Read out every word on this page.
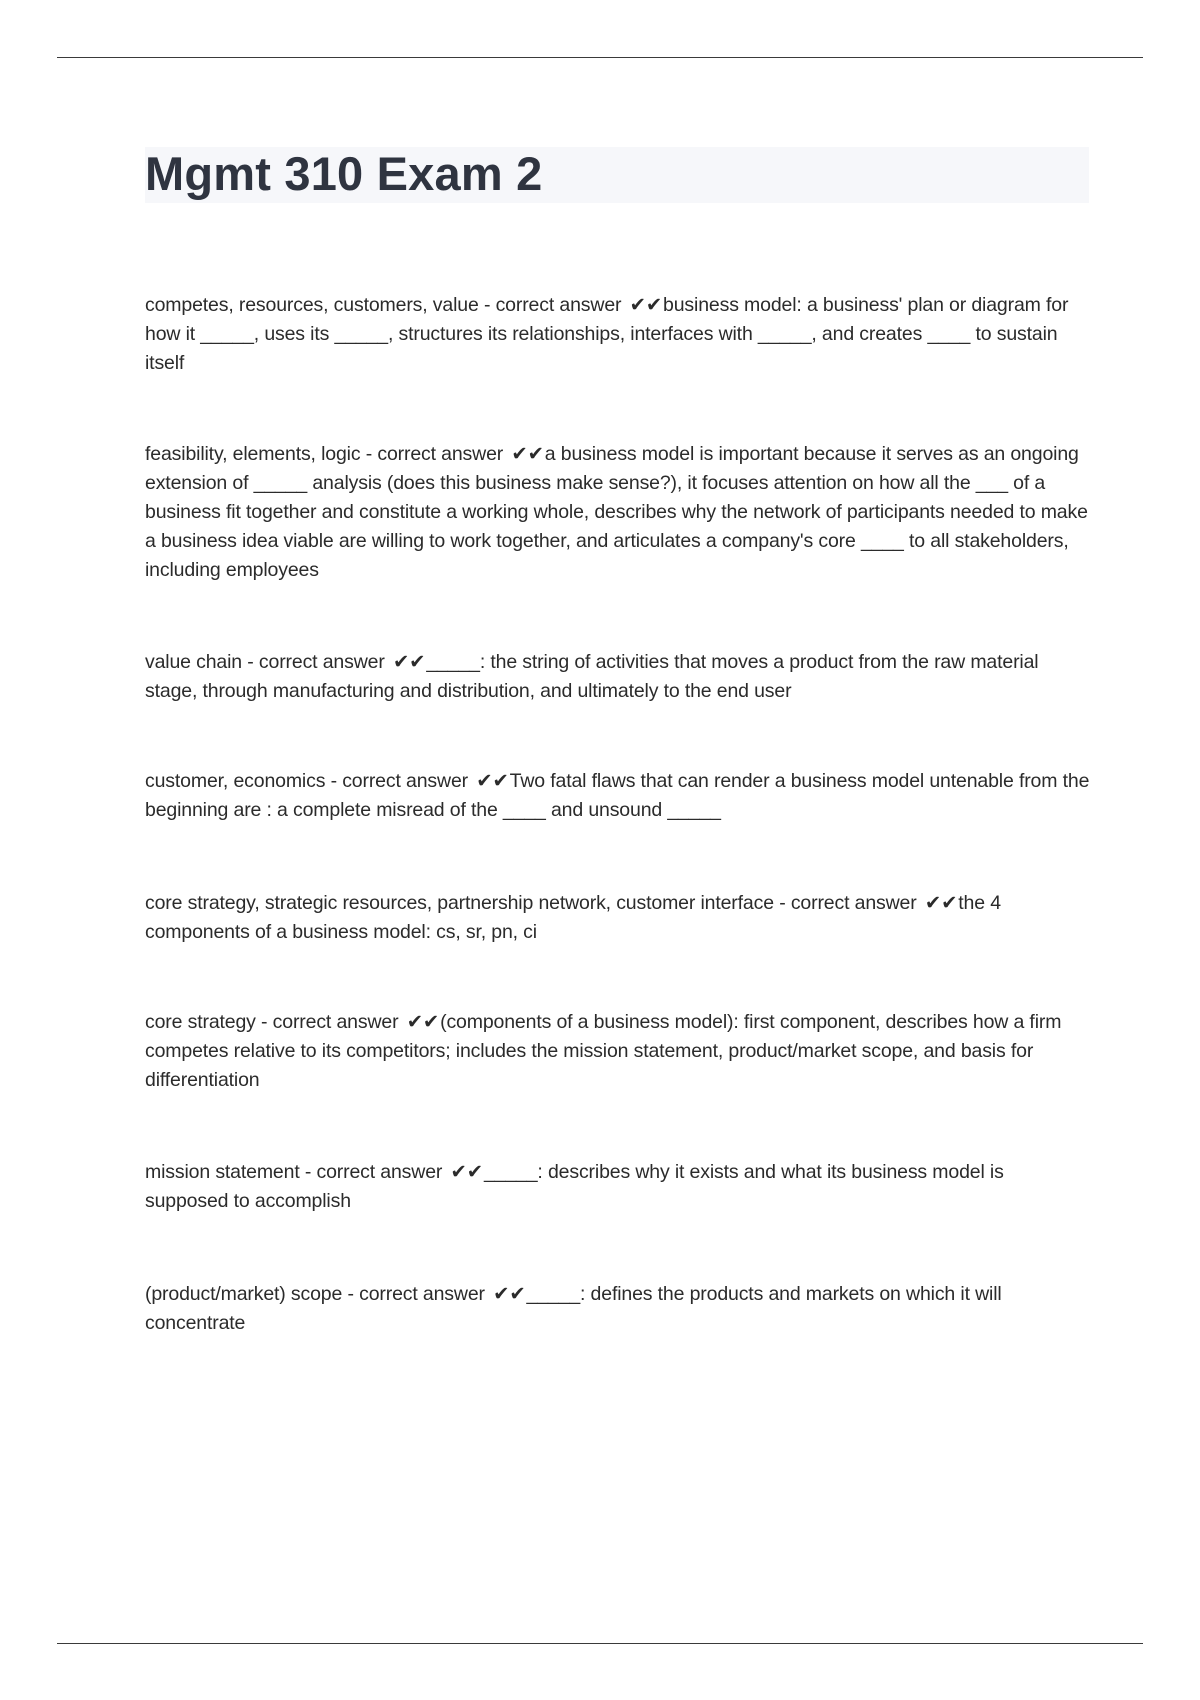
Mgmt 310 Exam 2

competes, resources, customers, value - correct answer ✔✔business model: a business' plan or diagram for how it _____, uses its _____, structures its relationships, interfaces with _____, and creates ____ to sustain itself

feasibility, elements, logic - correct answer ✔✔a business model is important because it serves as an ongoing extension of _____ analysis (does this business make sense?), it focuses attention on how all the ___ of a business fit together and constitute a working whole, describes why the network of participants needed to make a business idea viable are willing to work together, and articulates a company's core ____ to all stakeholders, including employees

value chain - correct answer ✔✔_____: the string of activities that moves a product from the raw material stage, through manufacturing and distribution, and ultimately to the end user

customer, economics - correct answer ✔✔Two fatal flaws that can render a business model untenable from the beginning are : a complete misread of the ____ and unsound _____

core strategy, strategic resources, partnership network, customer interface - correct answer ✔✔the 4 components of a business model: cs, sr, pn, ci

core strategy - correct answer ✔✔(components of a business model): first component, describes how a firm competes relative to its competitors; includes the mission statement, product/market scope, and basis for differentiation

mission statement - correct answer ✔✔_____: describes why it exists and what its business model is supposed to accomplish

(product/market) scope - correct answer ✔✔_____: defines the products and markets on which it will concentrate
